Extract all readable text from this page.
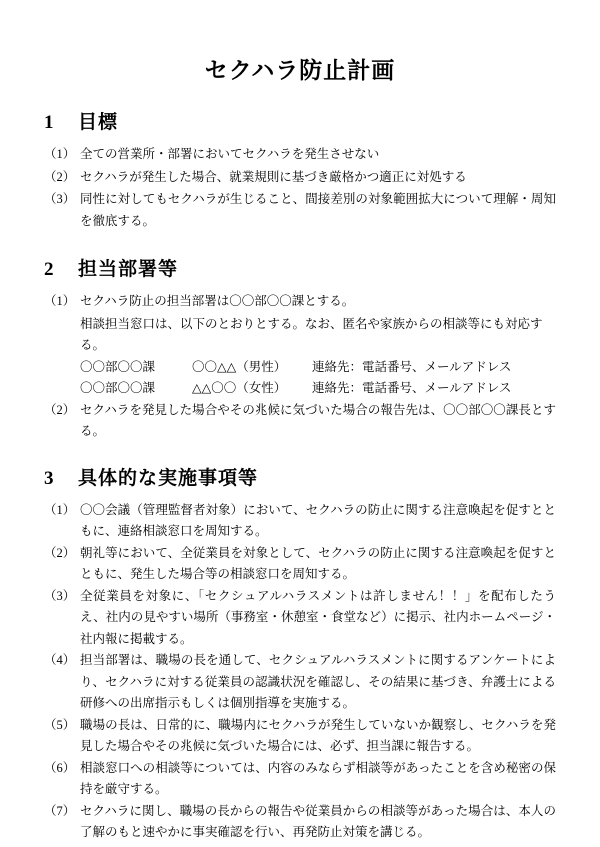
セクハラ防止計画
1	目標
（1） 全ての営業所・部署においてセクハラを発生させない
（2） セクハラが発生した場合、就業規則に基づき厳格かつ適正に対処する
（3） 同性に対してもセクハラが生じること、間接差別の対象範囲拡大について理解・周知を徹底する。
2	担当部署等
（1） セクハラ防止の担当部署は〇〇部〇〇課とする。
相談担当窓口は、以下のとおりとする。なお、匿名や家族からの相談等にも対応する。
〇〇部〇〇課	〇〇△△（男性）	連絡先：電話番号、メールアドレス
〇〇部〇〇課	△△〇〇（女性）	連絡先：電話番号、メールアドレス
（2） セクハラを発見した場合やその兆候に気づいた場合の報告先は、〇〇部〇〇課長とする。
3	具体的な実施事項等
（1） 〇〇会議（管理監督者対象）において、セクハラの防止に関する注意喚起を促すとともに、連絡相談窓口を周知する。
（2） 朝礼等において、全従業員を対象として、セクハラの防止に関する注意喚起を促すとともに、発生した場合等の相談窓口を周知する。
（3） 全従業員を対象に、「セクシュアルハラスメントは許しません！！」を配布したうえ、社内の見やすい場所（事務室・休憩室・食堂など）に掲示、社内ホームページ・社内報に掲載する。
（4） 担当部署は、職場の長を通して、セクシュアルハラスメントに関するアンケートにより、セクハラに対する従業員の認識状況を確認し、その結果に基づき、弁護士による研修への出席指示もしくは個別指導を実施する。
（5） 職場の長は、日常的に、職場内にセクハラが発生していないか観察し、セクハラを発見した場合やその兆候に気づいた場合には、必ず、担当課に報告する。
（6） 相談窓口への相談等については、内容のみならず相談等があったことを含め秘密の保持を厳守する。
（7） セクハラに関し、職場の長からの報告や従業員からの相談等があった場合は、本人の了解のもと速やかに事実確認を行い、再発防止対策を講じる。
